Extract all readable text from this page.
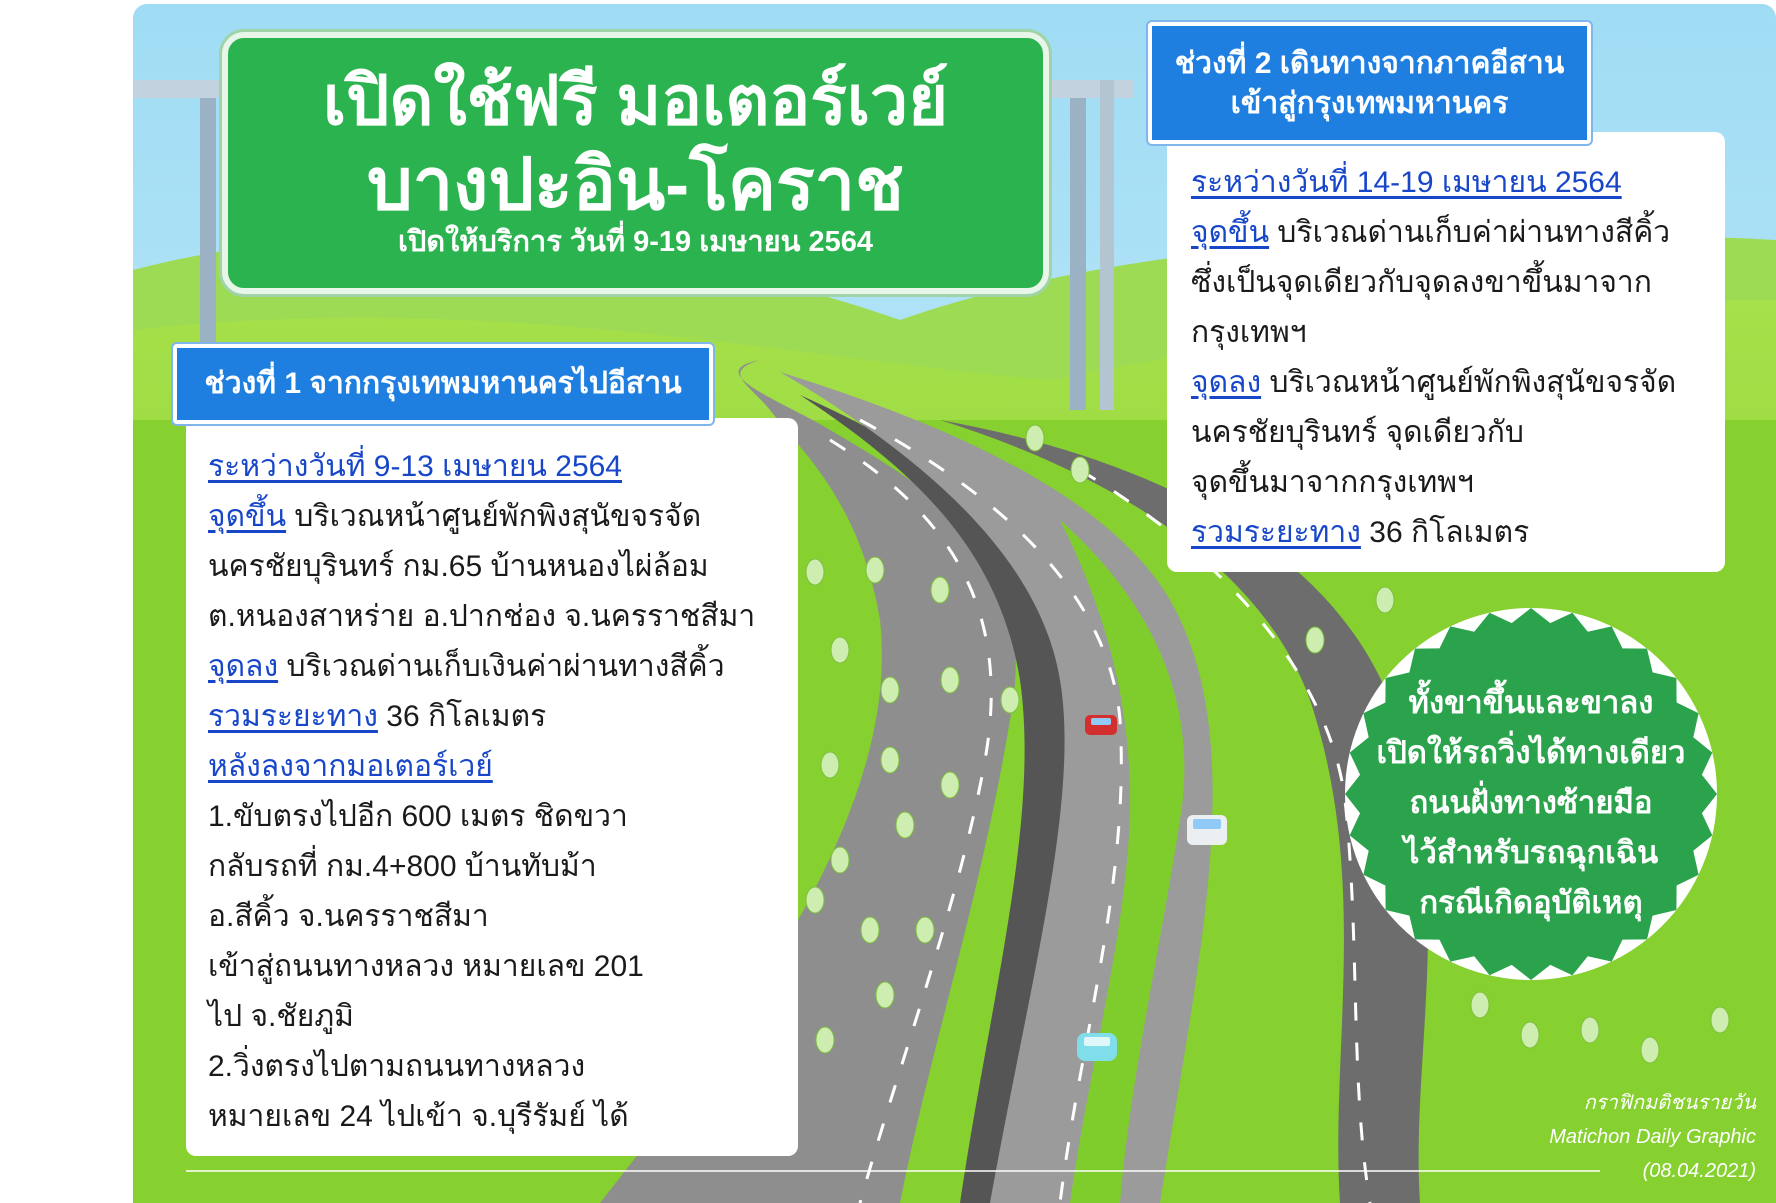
เปิดใช้ฟรี มอเตอร์เวย์
บางปะอิน-โคราช
เปิดให้บริการ วันที่ 9-19 เมษายน 2564
ระหว่างวันที่ 9-13 เมษายน 2564
จุดขึ้น บริเวณหน้าศูนย์พักพิงสุนัขจรจัด
นครชัยบุรินทร์ กม.65 บ้านหนองไผ่ล้อม
ต.หนองสาหร่าย อ.ปากช่อง จ.นครราชสีมา
จุดลง บริเวณด่านเก็บเงินค่าผ่านทางสีคิ้ว
รวมระยะทาง 36 กิโลเมตร
หลังลงจากมอเตอร์เวย์
1.ขับตรงไปอีก 600 เมตร ชิดขวา
กลับรถที่ กม.4+800 บ้านทับม้า
อ.สีคิ้ว จ.นครราชสีมา
เข้าสู่ถนนทางหลวง หมายเลข 201
ไป จ.ชัยภูมิ
2.วิ่งตรงไปตามถนนทางหลวง
หมายเลข 24 ไปเข้า จ.บุรีรัมย์ ได้
ช่วงที่ 1 จากกรุงเทพมหานครไปอีสาน
ระหว่างวันที่ 14-19 เมษายน 2564
จุดขึ้น บริเวณด่านเก็บค่าผ่านทางสีคิ้ว
ซึ่งเป็นจุดเดียวกับจุดลงขาขึ้นมาจาก
กรุงเทพฯ
จุดลง บริเวณหน้าศูนย์พักพิงสุนัขจรจัด
นครชัยบุรินทร์ จุดเดียวกับ
จุดขึ้นมาจากกรุงเทพฯ
รวมระยะทาง 36 กิโลเมตร
ช่วงที่ 2 เดินทางจากภาคอีสาน
เข้าสู่กรุงเทพมหานคร
ทั้งขาขึ้นและขาลง
เปิดให้รถวิ่งได้ทางเดียว
ถนนฝั่งทางซ้ายมือ
ไว้สำหรับรถฉุกเฉิน
กรณีเกิดอุบัติเหตุ
กราฟิกมติชนรายวัน
Matichon Daily Graphic
(08.04.2021)
